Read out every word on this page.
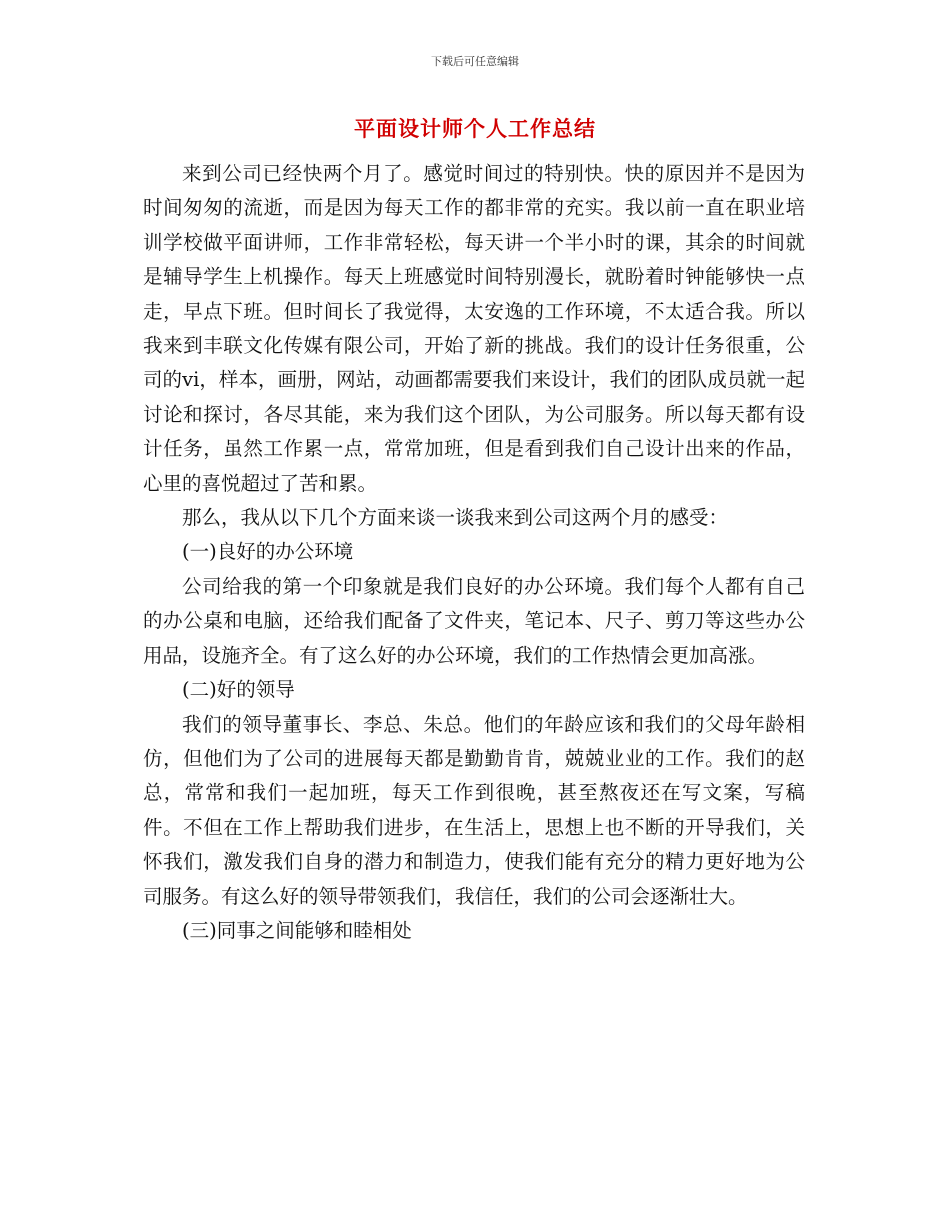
下载后可任意编辑
平面设计师个人工作总结

来到公司已经快两个月了。感觉时间过的特别快。快的原因并不是因为时间匆匆的流逝，而是因为每天工作的都非常的充实。我以前一直在职业培训学校做平面讲师，工作非常轻松，每天讲一个半小时的课，其余的时间就是辅导学生上机操作。每天上班感觉时间特别漫长，就盼着时钟能够快一点走，早点下班。但时间长了我觉得，太安逸的工作环境，不太适合我。所以我来到丰联文化传媒有限公司，开始了新的挑战。我们的设计任务很重，公司的vi，样本，画册，网站，动画都需要我们来设计，我们的团队成员就一起讨论和探讨，各尽其能，来为我们这个团队，为公司服务。所以每天都有设计任务，虽然工作累一点，常常加班，但是看到我们自己设计出来的作品，心里的喜悦超过了苦和累。

那么，我从以下几个方面来谈一谈我来到公司这两个月的感受：

(一)良好的办公环境

公司给我的第一个印象就是我们良好的办公环境。我们每个人都有自己的办公桌和电脑，还给我们配备了文件夹，笔记本、尺子、剪刀等这些办公用品，设施齐全。有了这么好的办公环境，我们的工作热情会更加高涨。

(二)好的领导

我们的领导董事长、李总、朱总。他们的年龄应该和我们的父母年龄相仿，但他们为了公司的进展每天都是勤勤肯肯，兢兢业业的工作。我们的赵总，常常和我们一起加班，每天工作到很晚，甚至熬夜还在写文案，写稿件。不但在工作上帮助我们进步，在生活上，思想上也不断的开导我们，关怀我们，激发我们自身的潜力和制造力，使我们能有充分的精力更好地为公司服务。有这么好的领导带领我们，我信任，我们的公司会逐渐壮大。

(三)同事之间能够和睦相处
